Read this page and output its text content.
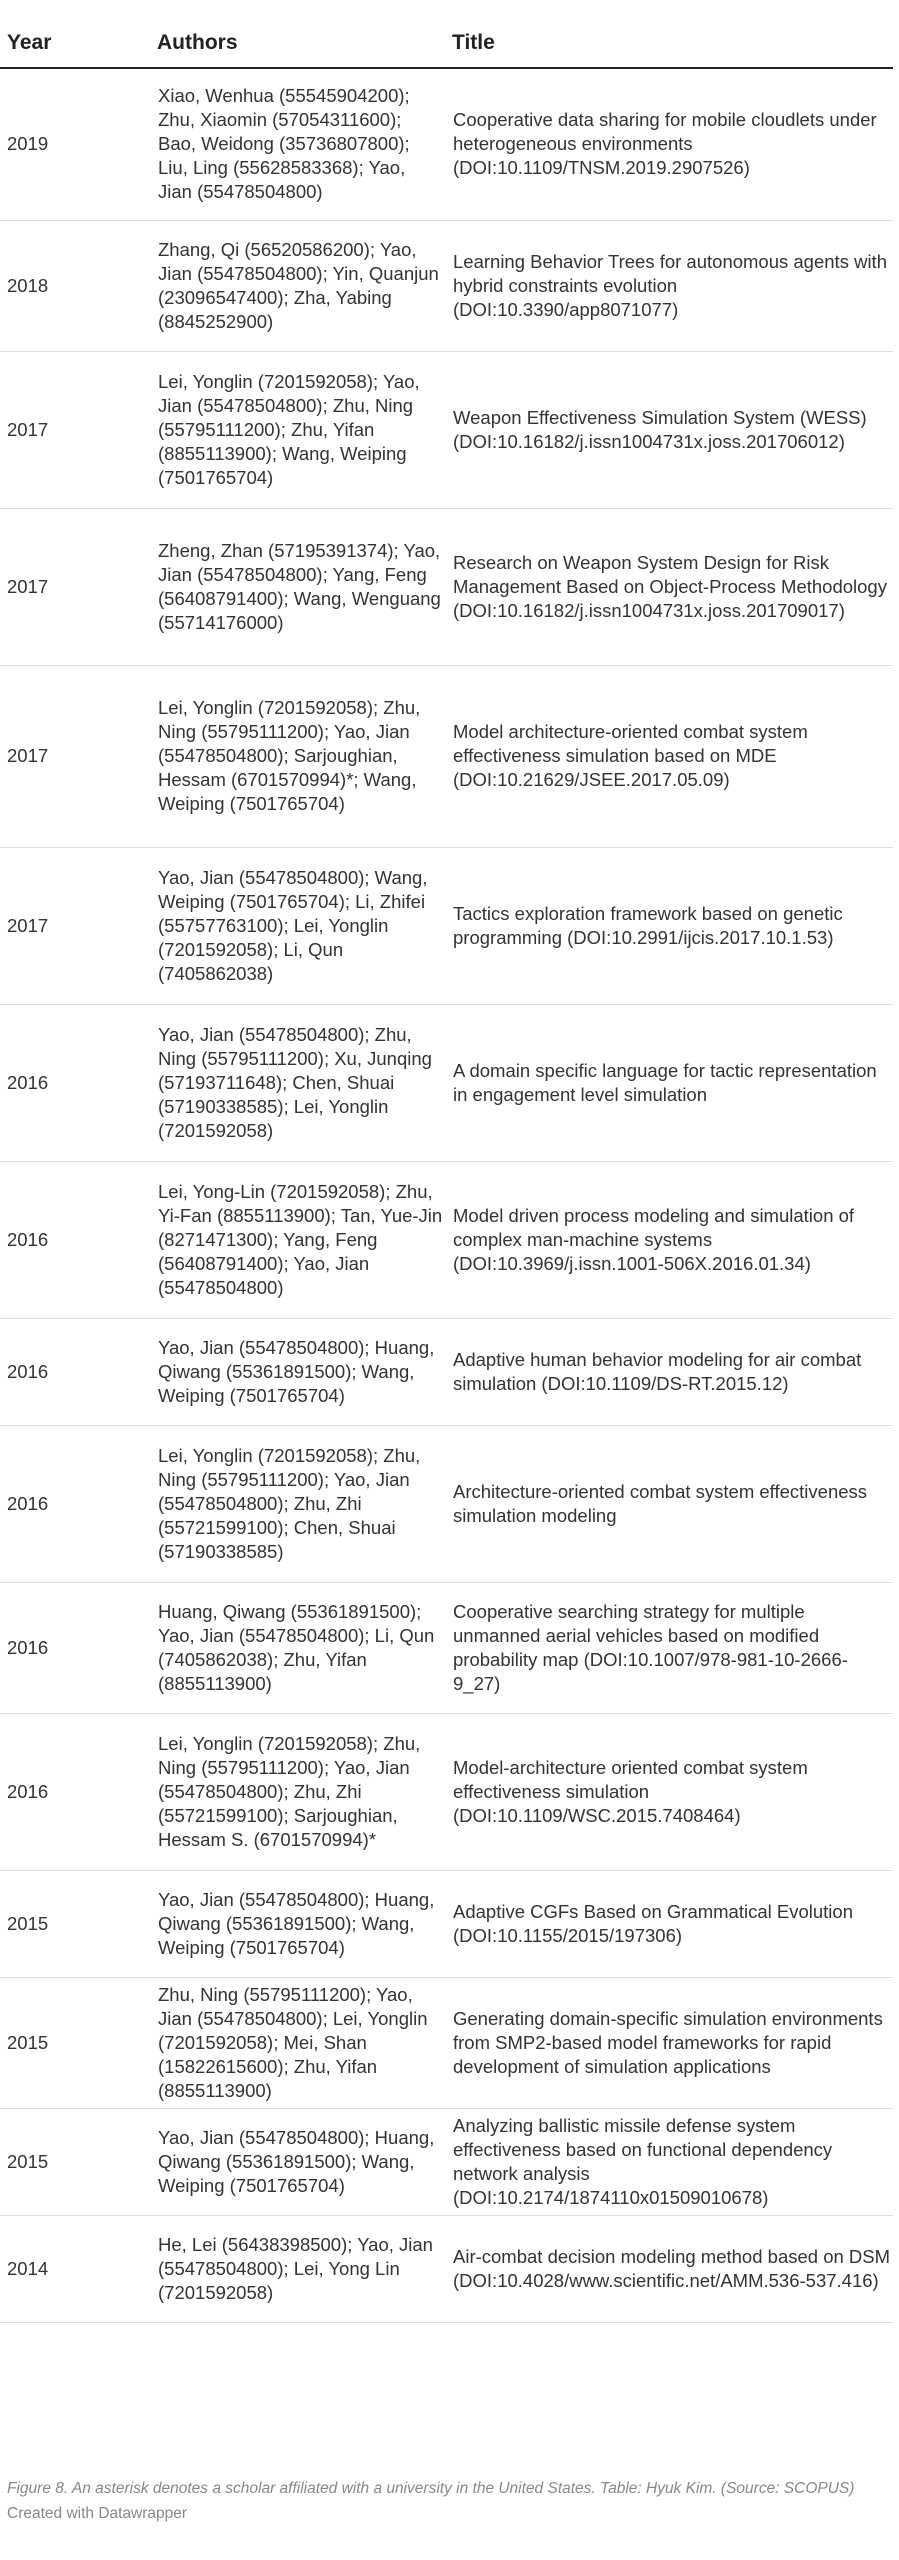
Year	Authors	Title
2019	Xiao, Wenhua (55545904200); Zhu, Xiaomin (57054311600); Bao, Weidong (35736807800); Liu, Ling (55628583368); Yao, Jian (55478504800)	Cooperative data sharing for mobile cloudlets under heterogeneous environments (DOI:10.1109/TNSM.2019.2907526)
2018	Zhang, Qi (56520586200); Yao, Jian (55478504800); Yin, Quanjun (23096547400); Zha, Yabing (8845252900)	Learning Behavior Trees for autonomous agents with hybrid constraints evolution (DOI:10.3390/app8071077)
2017	Lei, Yonglin (7201592058); Yao, Jian (55478504800); Zhu, Ning (55795111200); Zhu, Yifan (8855113900); Wang, Weiping (7501765704)	Weapon Effectiveness Simulation System (WESS) (DOI:10.16182/j.issn1004731x.joss.201706012)
2017	Zheng, Zhan (57195391374); Yao, Jian (55478504800); Yang, Feng (56408791400); Wang, Wenguang (55714176000)	Research on Weapon System Design for Risk Management Based on Object-Process Methodology (DOI:10.16182/j.issn1004731x.joss.201709017)
2017	Lei, Yonglin (7201592058); Zhu, Ning (55795111200); Yao, Jian (55478504800); Sarjoughian, Hessam (6701570994)*; Wang, Weiping (7501765704)	Model architecture-oriented combat system effectiveness simulation based on MDE (DOI:10.21629/JSEE.2017.05.09)
2017	Yao, Jian (55478504800); Wang, Weiping (7501765704); Li, Zhifei (55757763100); Lei, Yonglin (7201592058); Li, Qun (7405862038)	Tactics exploration framework based on genetic programming (DOI:10.2991/ijcis.2017.10.1.53)
2016	Yao, Jian (55478504800); Zhu, Ning (55795111200); Xu, Junqing (57193711648); Chen, Shuai (57190338585); Lei, Yonglin (7201592058)	A domain specific language for tactic representation in engagement level simulation
2016	Lei, Yong-Lin (7201592058); Zhu, Yi-Fan (8855113900); Tan, Yue-Jin (8271471300); Yang, Feng (56408791400); Yao, Jian (55478504800)	Model driven process modeling and simulation of complex man-machine systems (DOI:10.3969/j.issn.1001-506X.2016.01.34)
2016	Yao, Jian (55478504800); Huang, Qiwang (55361891500); Wang, Weiping (7501765704)	Adaptive human behavior modeling for air combat simulation (DOI:10.1109/DS-RT.2015.12)
2016	Lei, Yonglin (7201592058); Zhu, Ning (55795111200); Yao, Jian (55478504800); Zhu, Zhi (55721599100); Chen, Shuai (57190338585)	Architecture-oriented combat system effectiveness simulation modeling
2016	Huang, Qiwang (55361891500); Yao, Jian (55478504800); Li, Qun (7405862038); Zhu, Yifan (8855113900)	Cooperative searching strategy for multiple unmanned aerial vehicles based on modified probability map (DOI:10.1007/978-981-10-2666-9_27)
2016	Lei, Yonglin (7201592058); Zhu, Ning (55795111200); Yao, Jian (55478504800); Zhu, Zhi (55721599100); Sarjoughian, Hessam S. (6701570994)*	Model-architecture oriented combat system effectiveness simulation (DOI:10.1109/WSC.2015.7408464)
2015	Yao, Jian (55478504800); Huang, Qiwang (55361891500); Wang, Weiping (7501765704)	Adaptive CGFs Based on Grammatical Evolution (DOI:10.1155/2015/197306)
2015	Zhu, Ning (55795111200); Yao, Jian (55478504800); Lei, Yonglin (7201592058); Mei, Shan (15822615600); Zhu, Yifan (8855113900)	Generating domain-specific simulation environments from SMP2-based model frameworks for rapid development of simulation applications
2015	Yao, Jian (55478504800); Huang, Qiwang (55361891500); Wang, Weiping (7501765704)	Analyzing ballistic missile defense system effectiveness based on functional dependency network analysis (DOI:10.2174/1874110x01509010678)
2014	He, Lei (56438398500); Yao, Jian (55478504800); Lei, Yong Lin (7201592058)	Air-combat decision modeling method based on DSM (DOI:10.4028/www.scientific.net/AMM.536-537.416)

Figure 8. An asterisk denotes a scholar affiliated with a university in the United States. Table: Hyuk Kim. (Source: SCOPUS)

Created with Datawrapper
